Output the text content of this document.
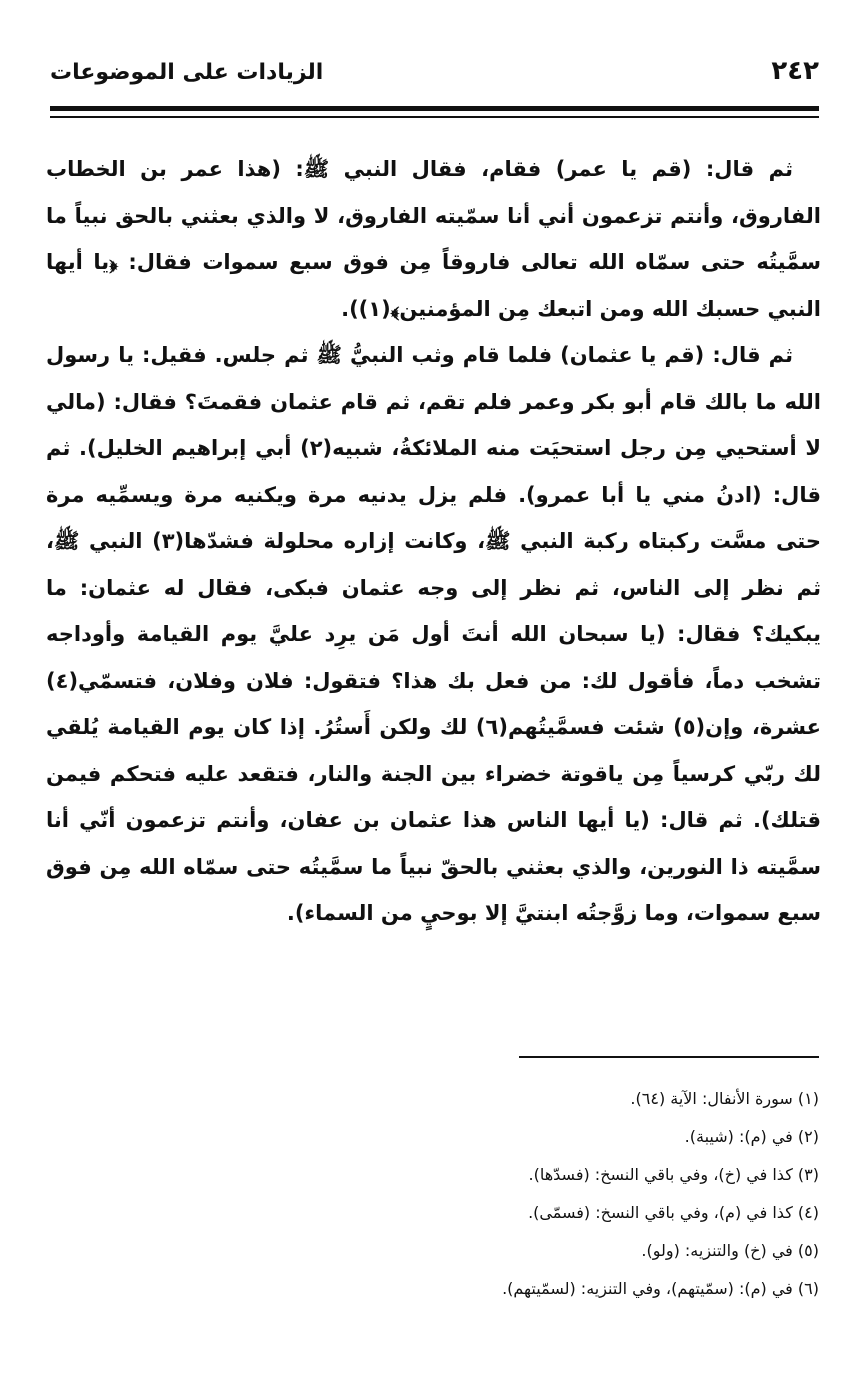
٢٤٢
الزيادات على الموضوعات

ثم قال: (قم يا عمر) فقام، فقال النبي ﷺ: (هذا عمر بن الخطاب الفاروق، وأنتم تزعمون أني أنا سمّيته الفاروق، لا والذي بعثني بالحق نبياً ما سمَّيتُه حتى سمّاه الله تعالى فاروقاً مِن فوق سبع سموات فقال: ﴿يا أيها النبي حسبك الله ومن اتبعك مِن المؤمنين﴾(١)).

ثم قال: (قم يا عثمان) فلما قام وثب النبيُّ ﷺ ثم جلس. فقيل: يا رسول الله ما بالك قام أبو بكر وعمر فلم تقم، ثم قام عثمان فقمتَ؟ فقال: (مالي لا أستحيي مِن رجل استحيَت منه الملائكةُ، شبيه(٢) أبي إبراهيم الخليل). ثم قال: (ادنُ مني يا أبا عمرو). فلم يزل يدنيه مرة ويكنيه مرة ويسمِّيه مرة حتى مسَّت ركبتاه ركبة النبي ﷺ، وكانت إزاره محلولة فشدّها(٣) النبي ﷺ، ثم نظر إلى الناس، ثم نظر إلى وجه عثمان فبكى، فقال له عثمان: ما يبكيك؟ فقال: (يا سبحان الله أنتَ أول مَن يرِد عليَّ يوم القيامة وأوداجه تشخب دماً، فأقول لك: من فعل بك هذا؟ فتقول: فلان وفلان، فتسمّي(٤) عشرة، وإن(٥) شئت فسمَّيتُهم(٦) لك ولكن أَستُرُ. إذا كان يوم القيامة يُلقي لك ربّي كرسياً مِن ياقوتة خضراء بين الجنة والنار، فتقعد عليه فتحكم فيمن قتلك). ثم قال: (يا أيها الناس هذا عثمان بن عفان، وأنتم تزعمون أنّي أنا سمَّيته ذا النورين، والذي بعثني بالحقّ نبياً ما سمَّيتُه حتى سمّاه الله مِن فوق سبع سموات، وما زوَّجتُه ابنتيَّ إلا بوحيٍ من السماء).

(١) سورة الأنفال: الآية (٦٤).

(٢) في (م): (شيبة).

(٣) كذا في (خ)، وفي باقي النسخ: (فسدّها).

(٤) كذا في (م)، وفي باقي النسخ: (فسمّى).

(٥) في (خ) والتنزيه: (ولو).

(٦) في (م): (سمّيتهم)، وفي التنزيه: (لسمّيتهم).
